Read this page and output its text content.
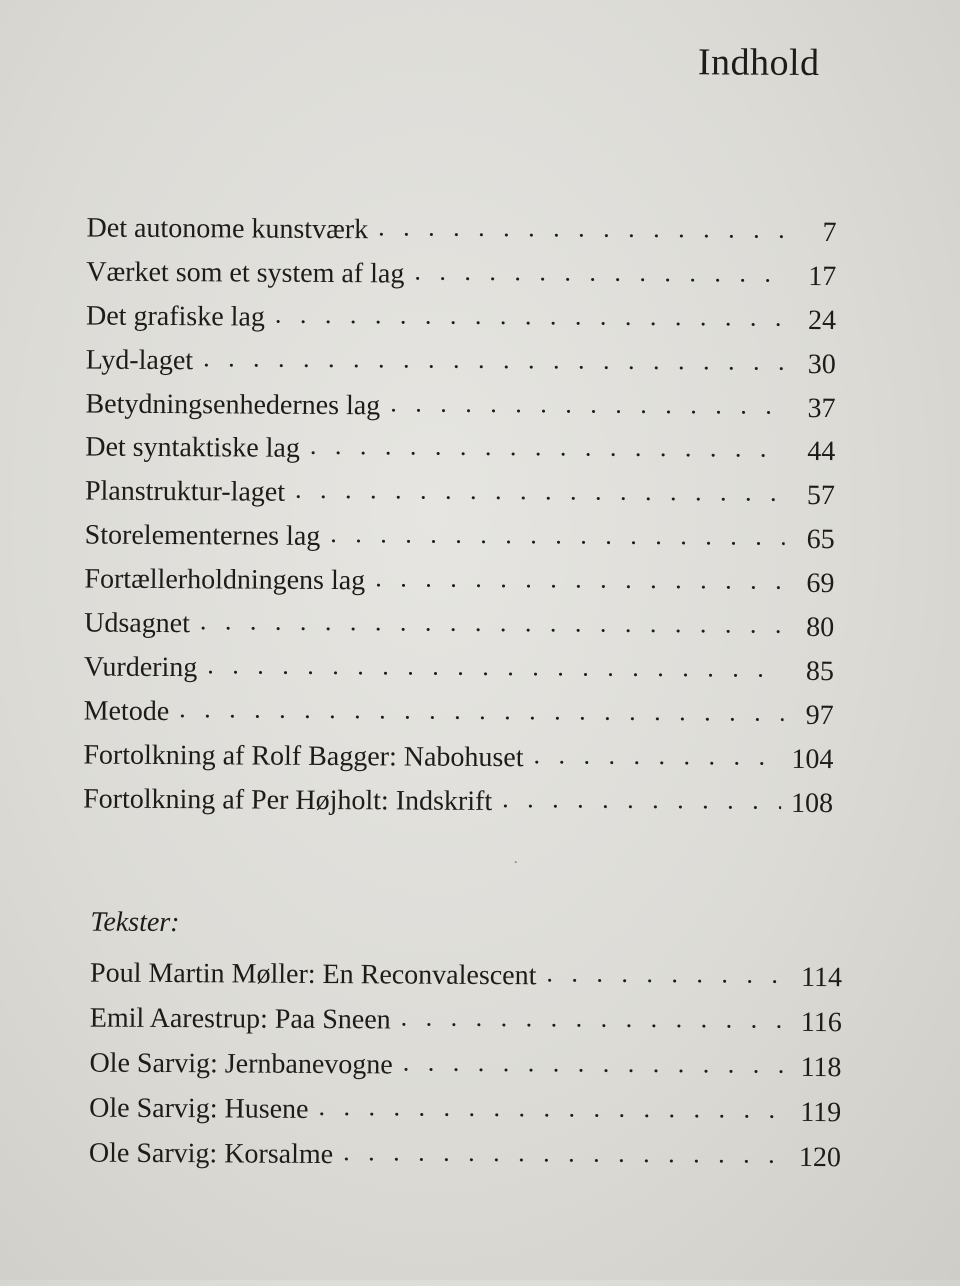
Indhold
Det autonome kunstværk . . .	7
Værket som et system af lag . . .	17
Det grafiske lag . . .	24
Lyd-laget . . .	30
Betydningsenhedernes lag . . .	37
Det syntaktiske lag . . .	44
Planstruktur-laget . . .	57
Storelementernes lag . . .	65
Fortællerholdningens lag . . .	69
Udsagnet . . .	80
Vurdering . . .	85
Metode . . .	97
Fortolkning af Rolf Bagger: Nabohuset . . .	104
Fortolkning af Per Højholt: Indskrift . . .	108
Tekster:
Poul Martin Møller: En Reconvalescent . . .	114
Emil Aarestrup: Paa Sneen . . .	116
Ole Sarvig: Jernbanevogne . . .	118
Ole Sarvig: Husene . . .	119
Ole Sarvig: Korsalme . . .	120
